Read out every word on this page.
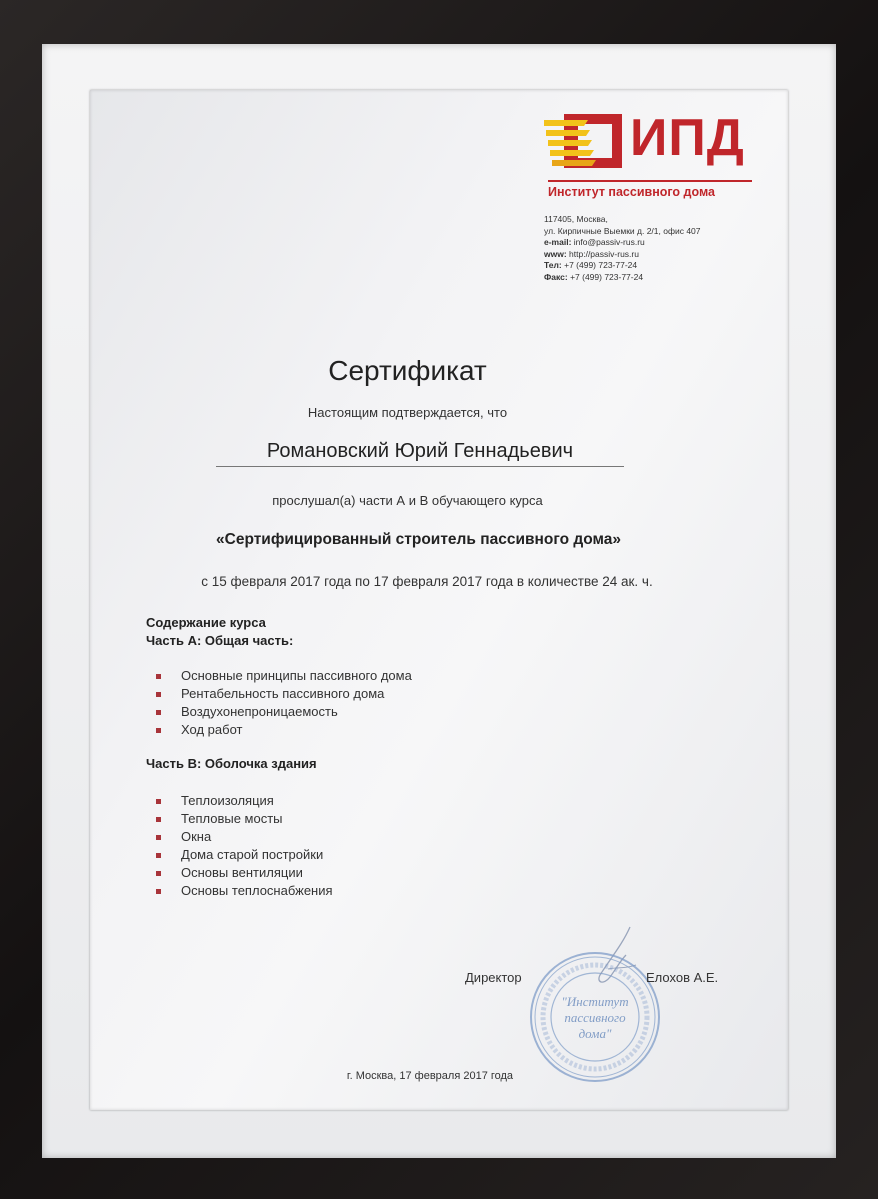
ИПД
Институт пассивного дома
117405, Москва,
ул. Кирпичные Выемки д. 2/1, офис 407
e-mail: info@passiv-rus.ru
www: http://passiv-rus.ru
Тел: +7 (499) 723-77-24
Факс: +7 (499) 723-77-24
Сертификат
Настоящим подтверждается, что
Романовский Юрий Геннадьевич
прослушал(а) части А и В обучающего курса
«Сертифицированный строитель пассивного дома»
с 15 февраля 2017 года по 17 февраля 2017 года в количестве 24 ак. ч.
Содержание курса
Часть А: Общая часть:
Основные принципы пассивного дома
Рентабельность пассивного дома
Воздухонепроницаемость
Ход работ
Часть В: Оболочка здания
Теплоизоляция
Тепловые мосты
Окна
Дома старой постройки
Основы вентиляции
Основы теплоснабжения
Директор
"Институт
пассивного
дома"
Елохов А.Е.
г. Москва, 17 февраля 2017 года
